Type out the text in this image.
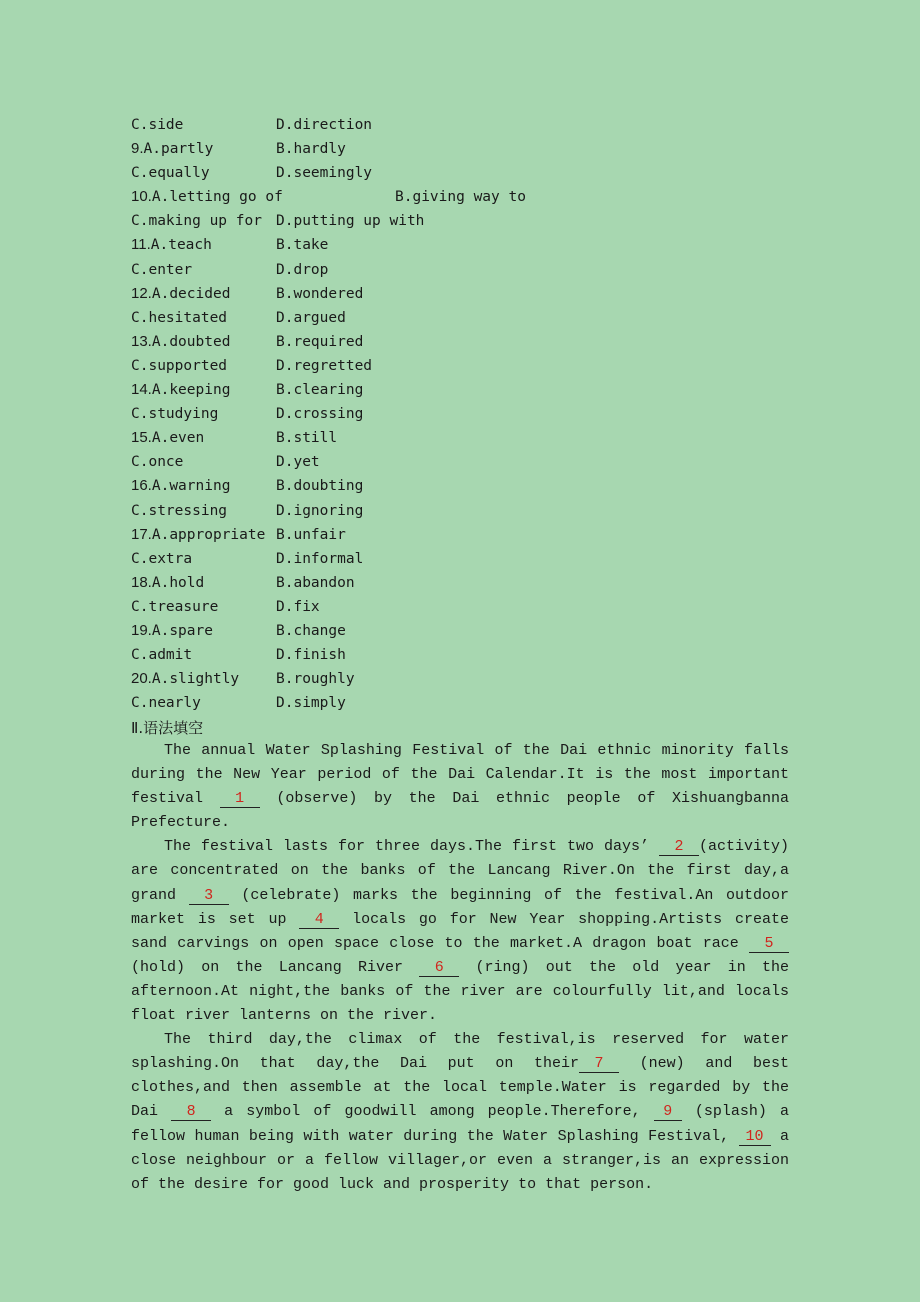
C.side	D.direction
9.A.partly	B.hardly
C.equally	D.seemingly
10.A.letting go of	B.giving way to
C.making up for D.putting up with
11.A.teach	B.take
C.enter	D.drop
12.A.decided	B.wondered
C.hesitated	D.argued
13.A.doubted	B.required
C.supported	D.regretted
14.A.keeping	B.clearing
C.studying	D.crossing
15.A.even	B.still
C.once	D.yet
16.A.warning	B.doubting
C.stressing	D.ignoring
17.A.appropriate B.unfair
C.extra	D.informal
18.A.hold	B.abandon
C.treasure	D.fix
19.A.spare	B.change
C.admit	D.finish
20.A.slightly	B.roughly
C.nearly	D.simply
Ⅱ.语法填空

The annual Water Splashing Festival of the Dai ethnic minority falls during the New Year period of the Dai Calendar.It is the most important festival 1 (observe) by the Dai ethnic people of Xishuangbanna Prefecture.

The festival lasts for three days.The first two days’ 2 (activity) are concentrated on the banks of the Lancang River.On the first day,a grand 3 (celebrate) marks the beginning of the festival.An outdoor market is set up 4 locals go for New Year shopping.Artists create sand carvings on open space close to the market.A dragon boat race 5 (hold) on the Lancang River 6 (ring) out the old year in the afternoon.At night,the banks of the river are colourfully lit,and locals float river lanterns on the river.

The third day,the climax of the festival,is reserved for water splashing.On that day,the Dai put on their 7 (new) and best clothes,and then assemble at the local temple.Water is regarded by the Dai 8 a symbol of goodwill among people.Therefore, 9 (splash) a fellow human being with water during the Water Splashing Festival, 10 a close neighbour or a fellow villager,or even a stranger,is an expression of the desire for good luck and prosperity to that person.
